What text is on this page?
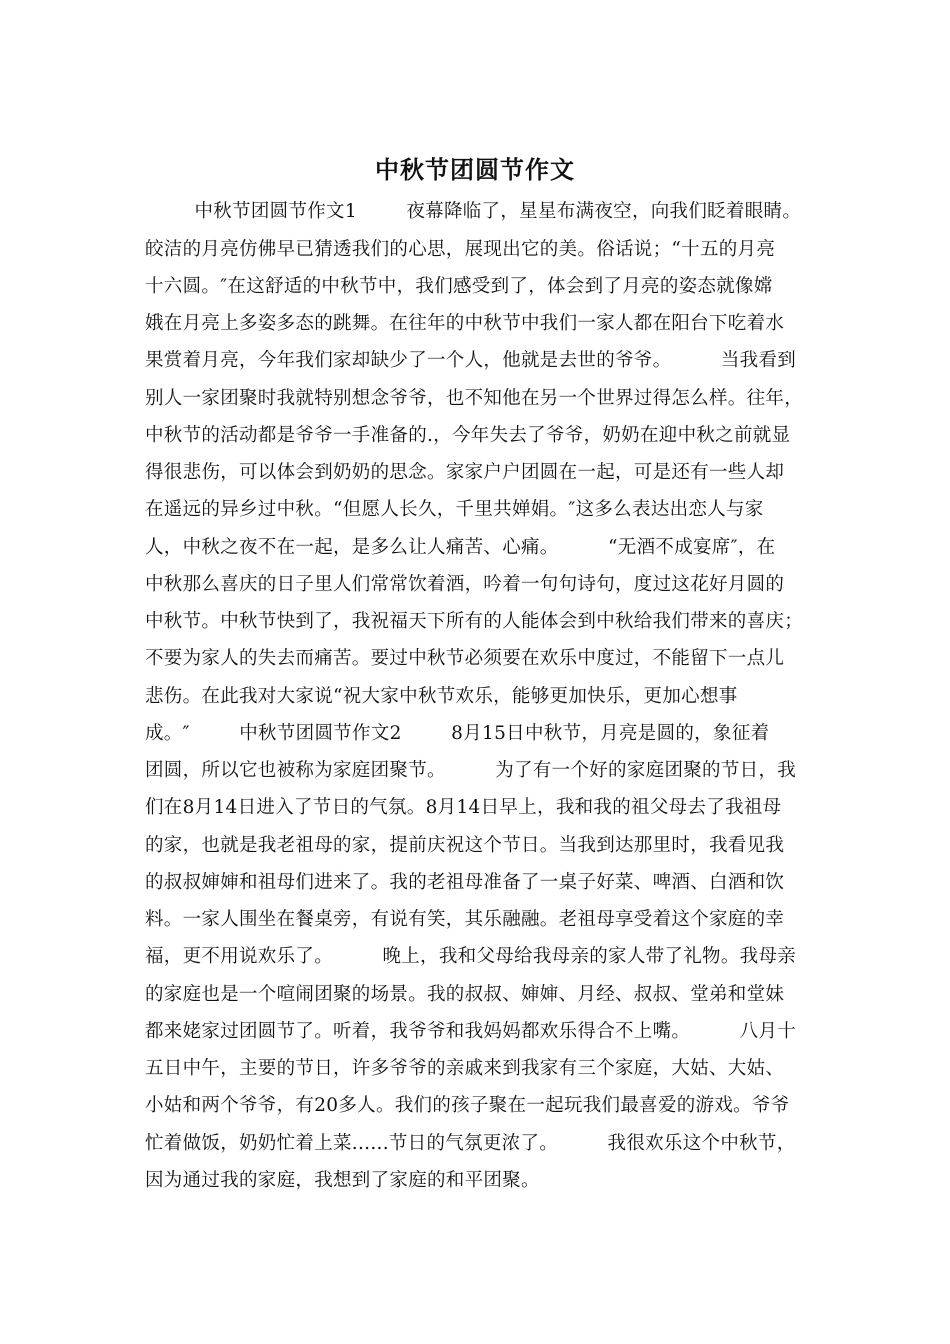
中秋节团圆节作文
中秋节团圆节作文1        夜幕降临了，星星布满夜空，向我们眨着眼睛。
皎洁的月亮仿佛早已猜透我们的心思，展现出它的美。俗话说；“十五的月亮
十六圆。″在这舒适的中秋节中，我们感受到了，体会到了月亮的姿态就像嫦
娥在月亮上多姿多态的跳舞。在往年的中秋节中我们一家人都在阳台下吃着水
果赏着月亮，今年我们家却缺少了一个人，他就是去世的爷爷。        当我看到
别人一家团聚时我就特别想念爷爷，也不知他在另一个世界过得怎么样。往年，
中秋节的活动都是爷爷一手准备的.，今年失去了爷爷，奶奶在迎中秋之前就显
得很悲伤，可以体会到奶奶的思念。家家户户团圆在一起，可是还有一些人却
在遥远的异乡过中秋。“但愿人长久，千里共婵娟。″这多么表达出恋人与家
人，中秋之夜不在一起，是多么让人痛苦、心痛。        “无酒不成宴席″，在
中秋那么喜庆的日子里人们常常饮着酒，吟着一句句诗句，度过这花好月圆的
中秋节。中秋节快到了，我祝福天下所有的人能体会到中秋给我们带来的喜庆；
不要为家人的失去而痛苦。要过中秋节必须要在欢乐中度过，不能留下一点儿
悲伤。在此我对大家说“祝大家中秋节欢乐，能够更加快乐，更加心想事
成。″        中秋节团圆节作文2        8月15日中秋节，月亮是圆的，象征着
团圆，所以它也被称为家庭团聚节。        为了有一个好的家庭团聚的节日，我
们在8月14日进入了节日的气氛。8月14日早上，我和我的祖父母去了我祖母
的家，也就是我老祖母的家，提前庆祝这个节日。当我到达那里时，我看见我
的叔叔婶婶和祖母们进来了。我的老祖母准备了一桌子好菜、啤酒、白酒和饮
料。一家人围坐在餐桌旁，有说有笑，其乐融融。老祖母享受着这个家庭的幸
福，更不用说欢乐了。        晚上，我和父母给我母亲的家人带了礼物。我母亲
的家庭也是一个喧闹团聚的场景。我的叔叔、婶婶、月经、叔叔、堂弟和堂妹
都来姥家过团圆节了。听着，我爷爷和我妈妈都欢乐得合不上嘴。        八月十
五日中午，主要的节日，许多爷爷的亲戚来到我家有三个家庭，大姑、大姑、
小姑和两个爷爷，有20多人。我们的孩子聚在一起玩我们最喜爱的游戏。爷爷
忙着做饭，奶奶忙着上菜......节日的气氛更浓了。        我很欢乐这个中秋节，
因为通过我的家庭，我想到了家庭的和平团聚。
